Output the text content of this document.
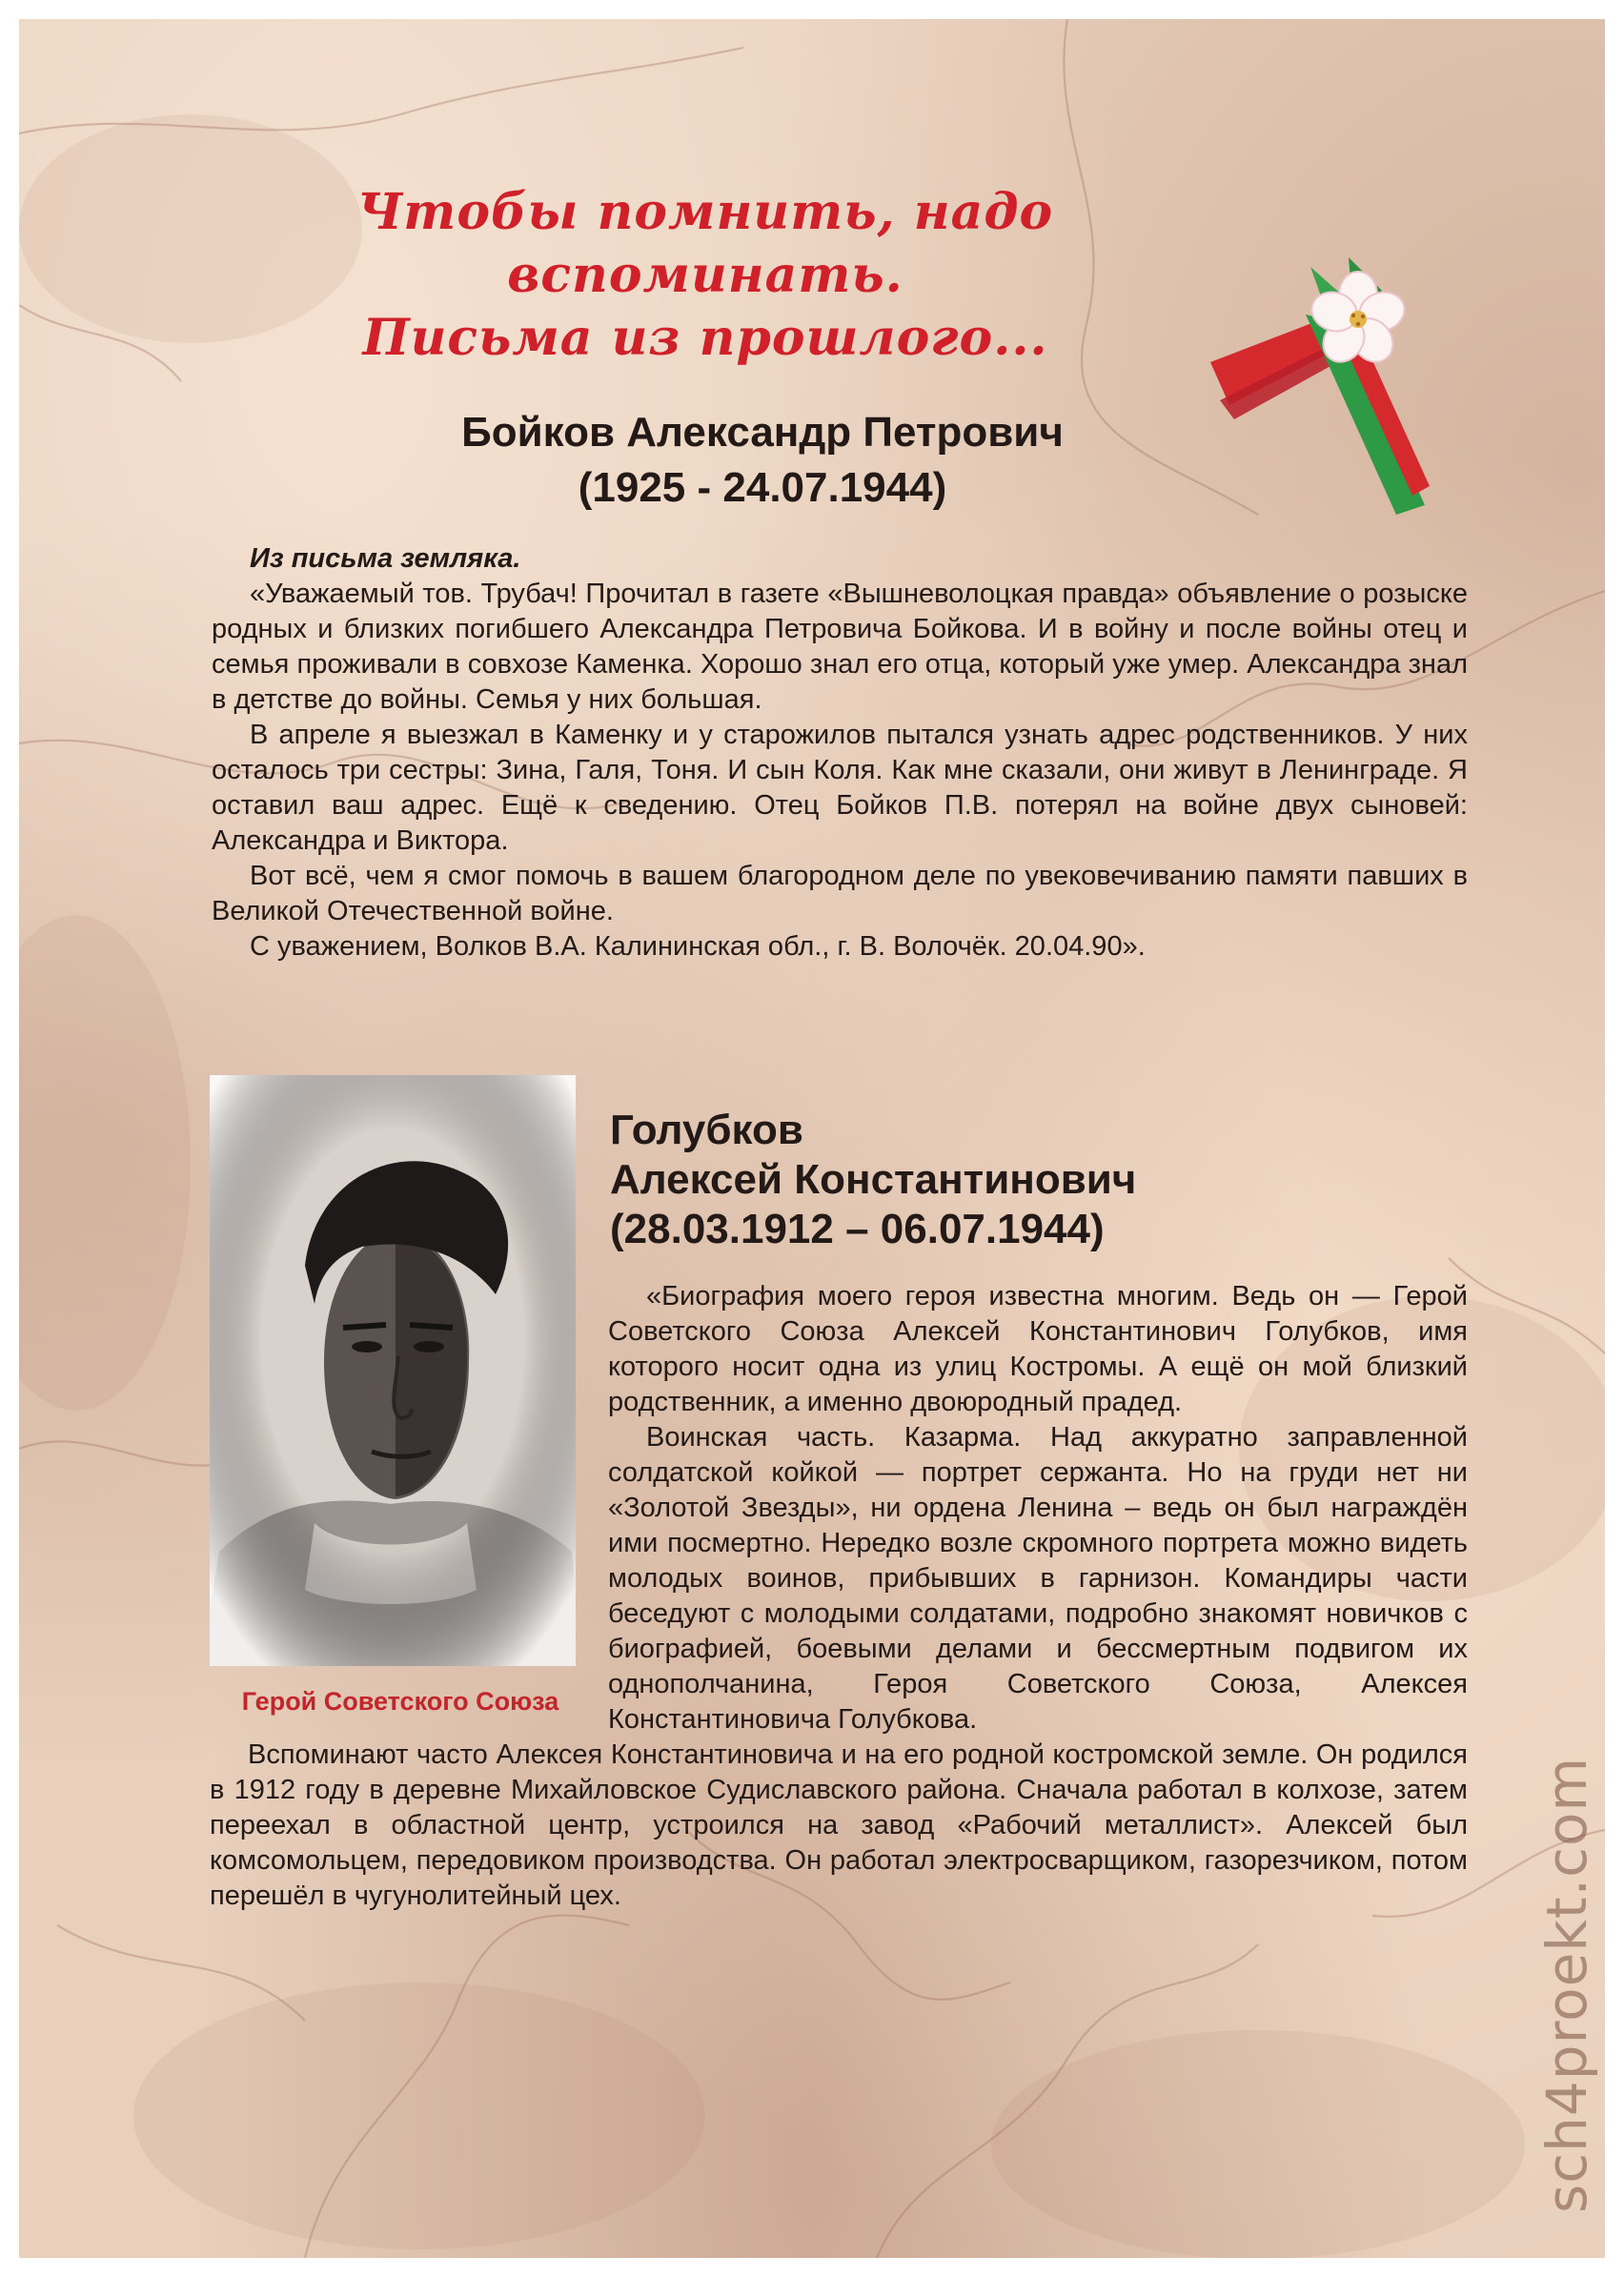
Чтобы помнить, надо вспоминать.
Письма из прошлого...
Бойков Александр Петрович
(1925 - 24.07.1944)

Из письма земляка.

«Уважаемый тов. Трубач! Прочитал в газете «Вышневолоцкая правда» объявление о розыске родных и близких погибшего Александра Петровича Бойкова. И в войну и после войны отец и семья проживали в совхозе Каменка. Хорошо знал его отца, который уже умер. Александра знал в детстве до войны. Семья у них большая.

В апреле я выезжал в Каменку и у старожилов пытался узнать адрес родственников. У них осталось три сестры: Зина, Галя, Тоня. И сын Коля. Как мне сказали, они живут в Ленинграде. Я оставил ваш адрес. Ещё к сведению. Отец Бойков П.В. потерял на войне двух сыновей: Александра и Виктора.

Вот всё, чем я смог помочь в вашем благородном деле по увековечиванию памяти павших в Великой Отечественной войне.

С уважением, Волков В.А. Калининская обл., г. В. Волочёк. 20.04.90».

Герой Советского Союза
Голубков
Алексей Константинович
(28.03.1912 – 06.07.1944)

«Биография моего героя известна многим. Ведь он — Герой Советского Союза Алексей Константинович Голубков, имя которого носит одна из улиц Костромы. А ещё он мой близкий родственник, а именно двоюродный прадед.

Воинская часть. Казарма. Над аккуратно заправленной солдатской койкой — портрет сержанта. Но на груди нет ни «Золотой Звезды», ни ордена Ленина – ведь он был награждён ими посмертно. Нередко возле скромного портрета можно видеть молодых воинов, прибывших в гарнизон. Командиры части беседуют с молодыми солдатами, подробно знакомят новичков с биографией, боевыми делами и бессмертным подвигом их однополчанина, Героя Советского Союза, Алексея Константиновича Голубкова.

Вспоминают часто Алексея Константиновича и на его родной костромской земле. Он родился в 1912 году в деревне Михайловское Судиславского района. Сначала работал в колхозе, затем переехал в областной центр, устроился на завод «Рабочий металлист». Алексей был комсомольцем, передовиком производства. Он работал электросварщиком, газорезчиком, потом перешёл в чугунолитейный цех.	sch4proekt.com
